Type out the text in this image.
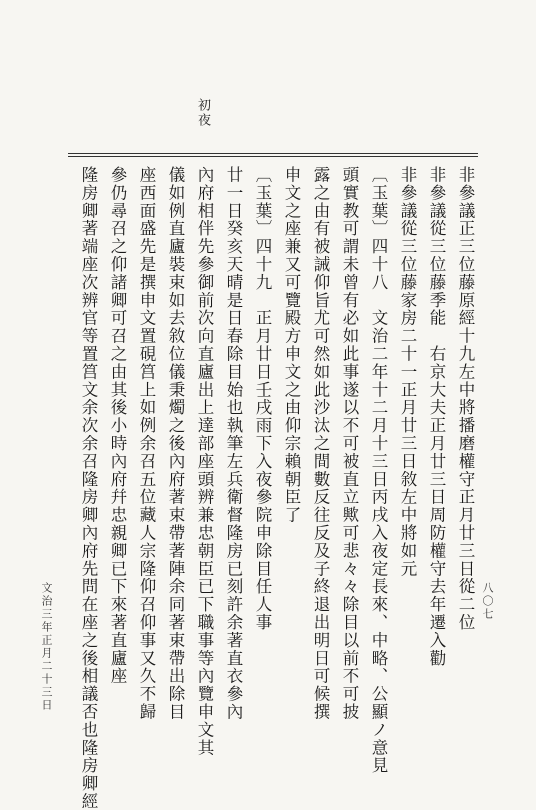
初夜
非參議正三位藤原經十九左中將播磨權守正月廿三日從二位
非參議從三位藤季能　右京大夫正月廿三日周防權守去年遷入勸
非參議從三位藤家房二十一正月廿三日敘左中將如元
〔玉葉〕四十八　文治二年十二月十三日丙戌入夜定長來、中略、公顯ノ意見
頭實教可謂未曾有必如此事遂以不可被直立歟可悲々々除目以前不可披
露之由有被誡仰旨尤可然如此沙汰之間數反往反及子終退出明日可候撰
申文之座兼又可覽殿方申文之由仰宗賴朝臣了
〔玉葉〕四十九　正月廿日壬戌雨下入夜參院申除目任人事
廿一日癸亥天晴是日春除目始也執筆左兵衛督隆房已刻許余著直衣參內
內府相伴先參御前次向直廬出上達部座頭辨兼忠朝臣已下職事等內覽申文其
儀如例直廬裝束如去敘位儀秉燭之後內府著束帶著陣余同著束帶出除目
座西面盛先是撰申文置硯筥上如例余召五位藏人宗隆仰召仰事又久不歸
參仍尋召之仰諸卿可召之由其後小時內府幷忠親卿已下來著直廬座
隆房卿著端座次辨官等置筥文余次余召隆房卿內府先問在座之後相議否也隆房卿經
文治三年正月二十三日	八〇七
